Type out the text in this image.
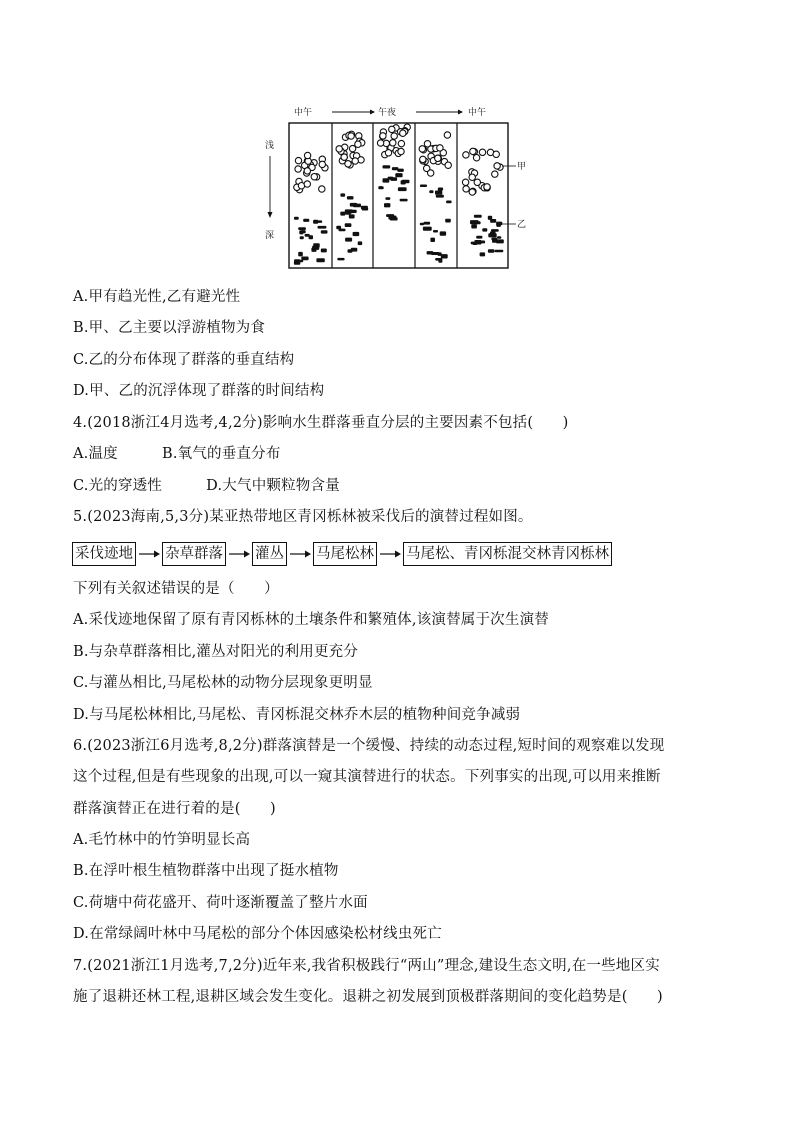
中午	午夜	中午
浅
深
甲
乙
A.甲有趋光性,乙有避光性
B.甲、乙主要以浮游植物为食
C.乙的分布体现了群落的垂直结构
D.甲、乙的沉浮体现了群落的时间结构
4.(2018浙江4月选考,4,2分)影响水生群落垂直分层的主要因素不包括(　　)
A.温度　　　B.氧气的垂直分布
C.光的穿透性　　　D.大气中颗粒物含量
5.(2023海南,5,3分)某亚热带地区青冈栎林被采伐后的演替过程如图。
采伐迹地 杂草群落 灌丛 马尾松林 马尾松、青冈栎混交林青冈栎林
下列有关叙述错误的是（　　）
A.采伐迹地保留了原有青冈栎林的土壤条件和繁殖体,该演替属于次生演替
B.与杂草群落相比,灌丛对阳光的利用更充分
C.与灌丛相比,马尾松林的动物分层现象更明显
D.与马尾松林相比,马尾松、青冈栎混交林乔木层的植物种间竞争减弱
6.(2023浙江6月选考,8,2分)群落演替是一个缓慢、持续的动态过程,短时间的观察难以发现
这个过程,但是有些现象的出现,可以一窥其演替进行的状态。下列事实的出现,可以用来推断
群落演替正在进行着的是(　　)
A.毛竹林中的竹笋明显长高
B.在浮叶根生植物群落中出现了挺水植物
C.荷塘中荷花盛开、荷叶逐渐覆盖了整片水面
D.在常绿阔叶林中马尾松的部分个体因感染松材线虫死亡
7.(2021浙江1月选考,7,2分)近年来,我省积极践行“两山”理念,建设生态文明,在一些地区实
施了退耕还林工程,退耕区域会发生变化。退耕之初发展到顶极群落期间的变化趋势是(　　)
